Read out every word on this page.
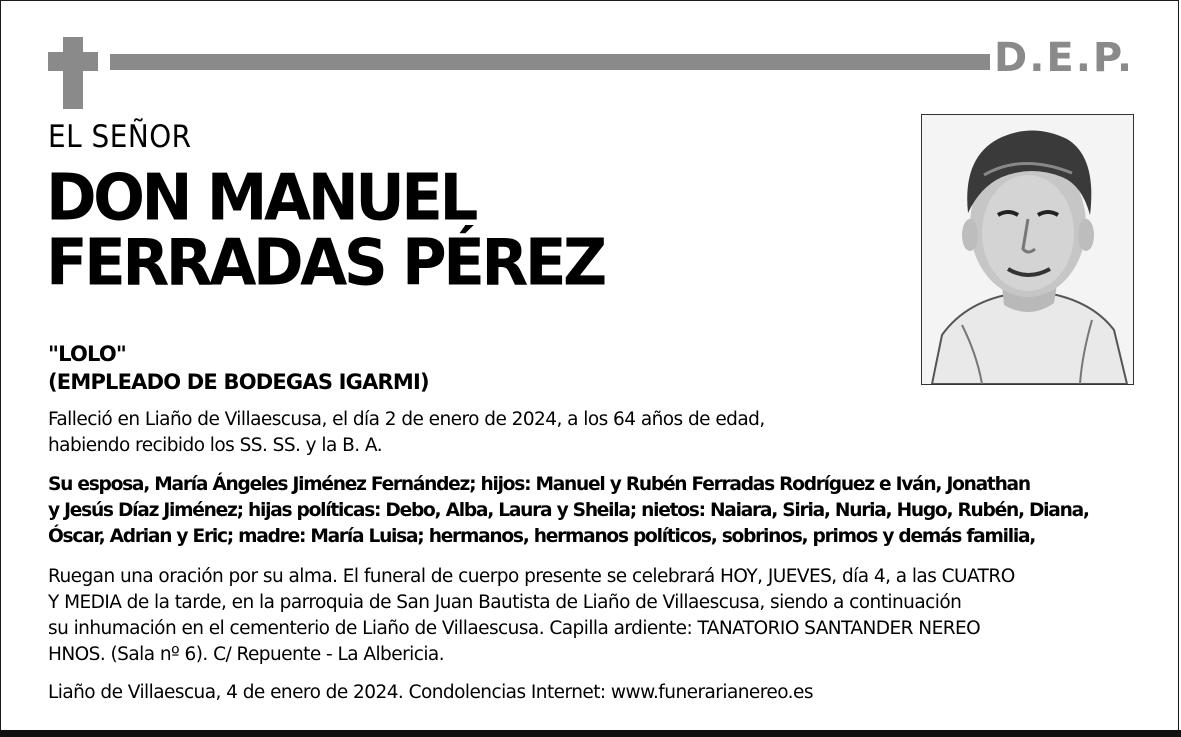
D.E.P.
EL SEÑOR
DON MANUEL
FERRADAS PÉREZ
"LOLO"
(EMPLEADO DE BODEGAS IGARMI)
Falleció en Liaño de Villaescusa, el día 2 de enero de 2024, a los 64 años de edad,
habiendo recibido los SS. SS. y la B. A.
Su esposa, María Ángeles Jiménez Fernández; hijos: Manuel y Rubén Ferradas Rodríguez e Iván, Jonathan
y Jesús Díaz Jiménez; hijas políticas: Debo, Alba, Laura y Sheila; nietos: Naiara, Siria, Nuria, Hugo, Rubén, Diana,
Óscar, Adrian y Eric; madre: María Luisa; hermanos, hermanos políticos, sobrinos, primos y demás familia,
Ruegan una oración por su alma. El funeral de cuerpo presente se celebrará HOY, JUEVES, día 4, a las CUATRO
Y MEDIA de la tarde, en la parroquia de San Juan Bautista de Liaño de Villaescusa, siendo a continuación
su inhumación en el cementerio de Liaño de Villaescusa. Capilla ardiente: TANATORIO SANTANDER NEREO
HNOS. (Sala nº 6). C/ Repuente - La Albericia.
Liaño de Villaescua, 4 de enero de 2024. Condolencias Internet: www.funerarianereo.es
